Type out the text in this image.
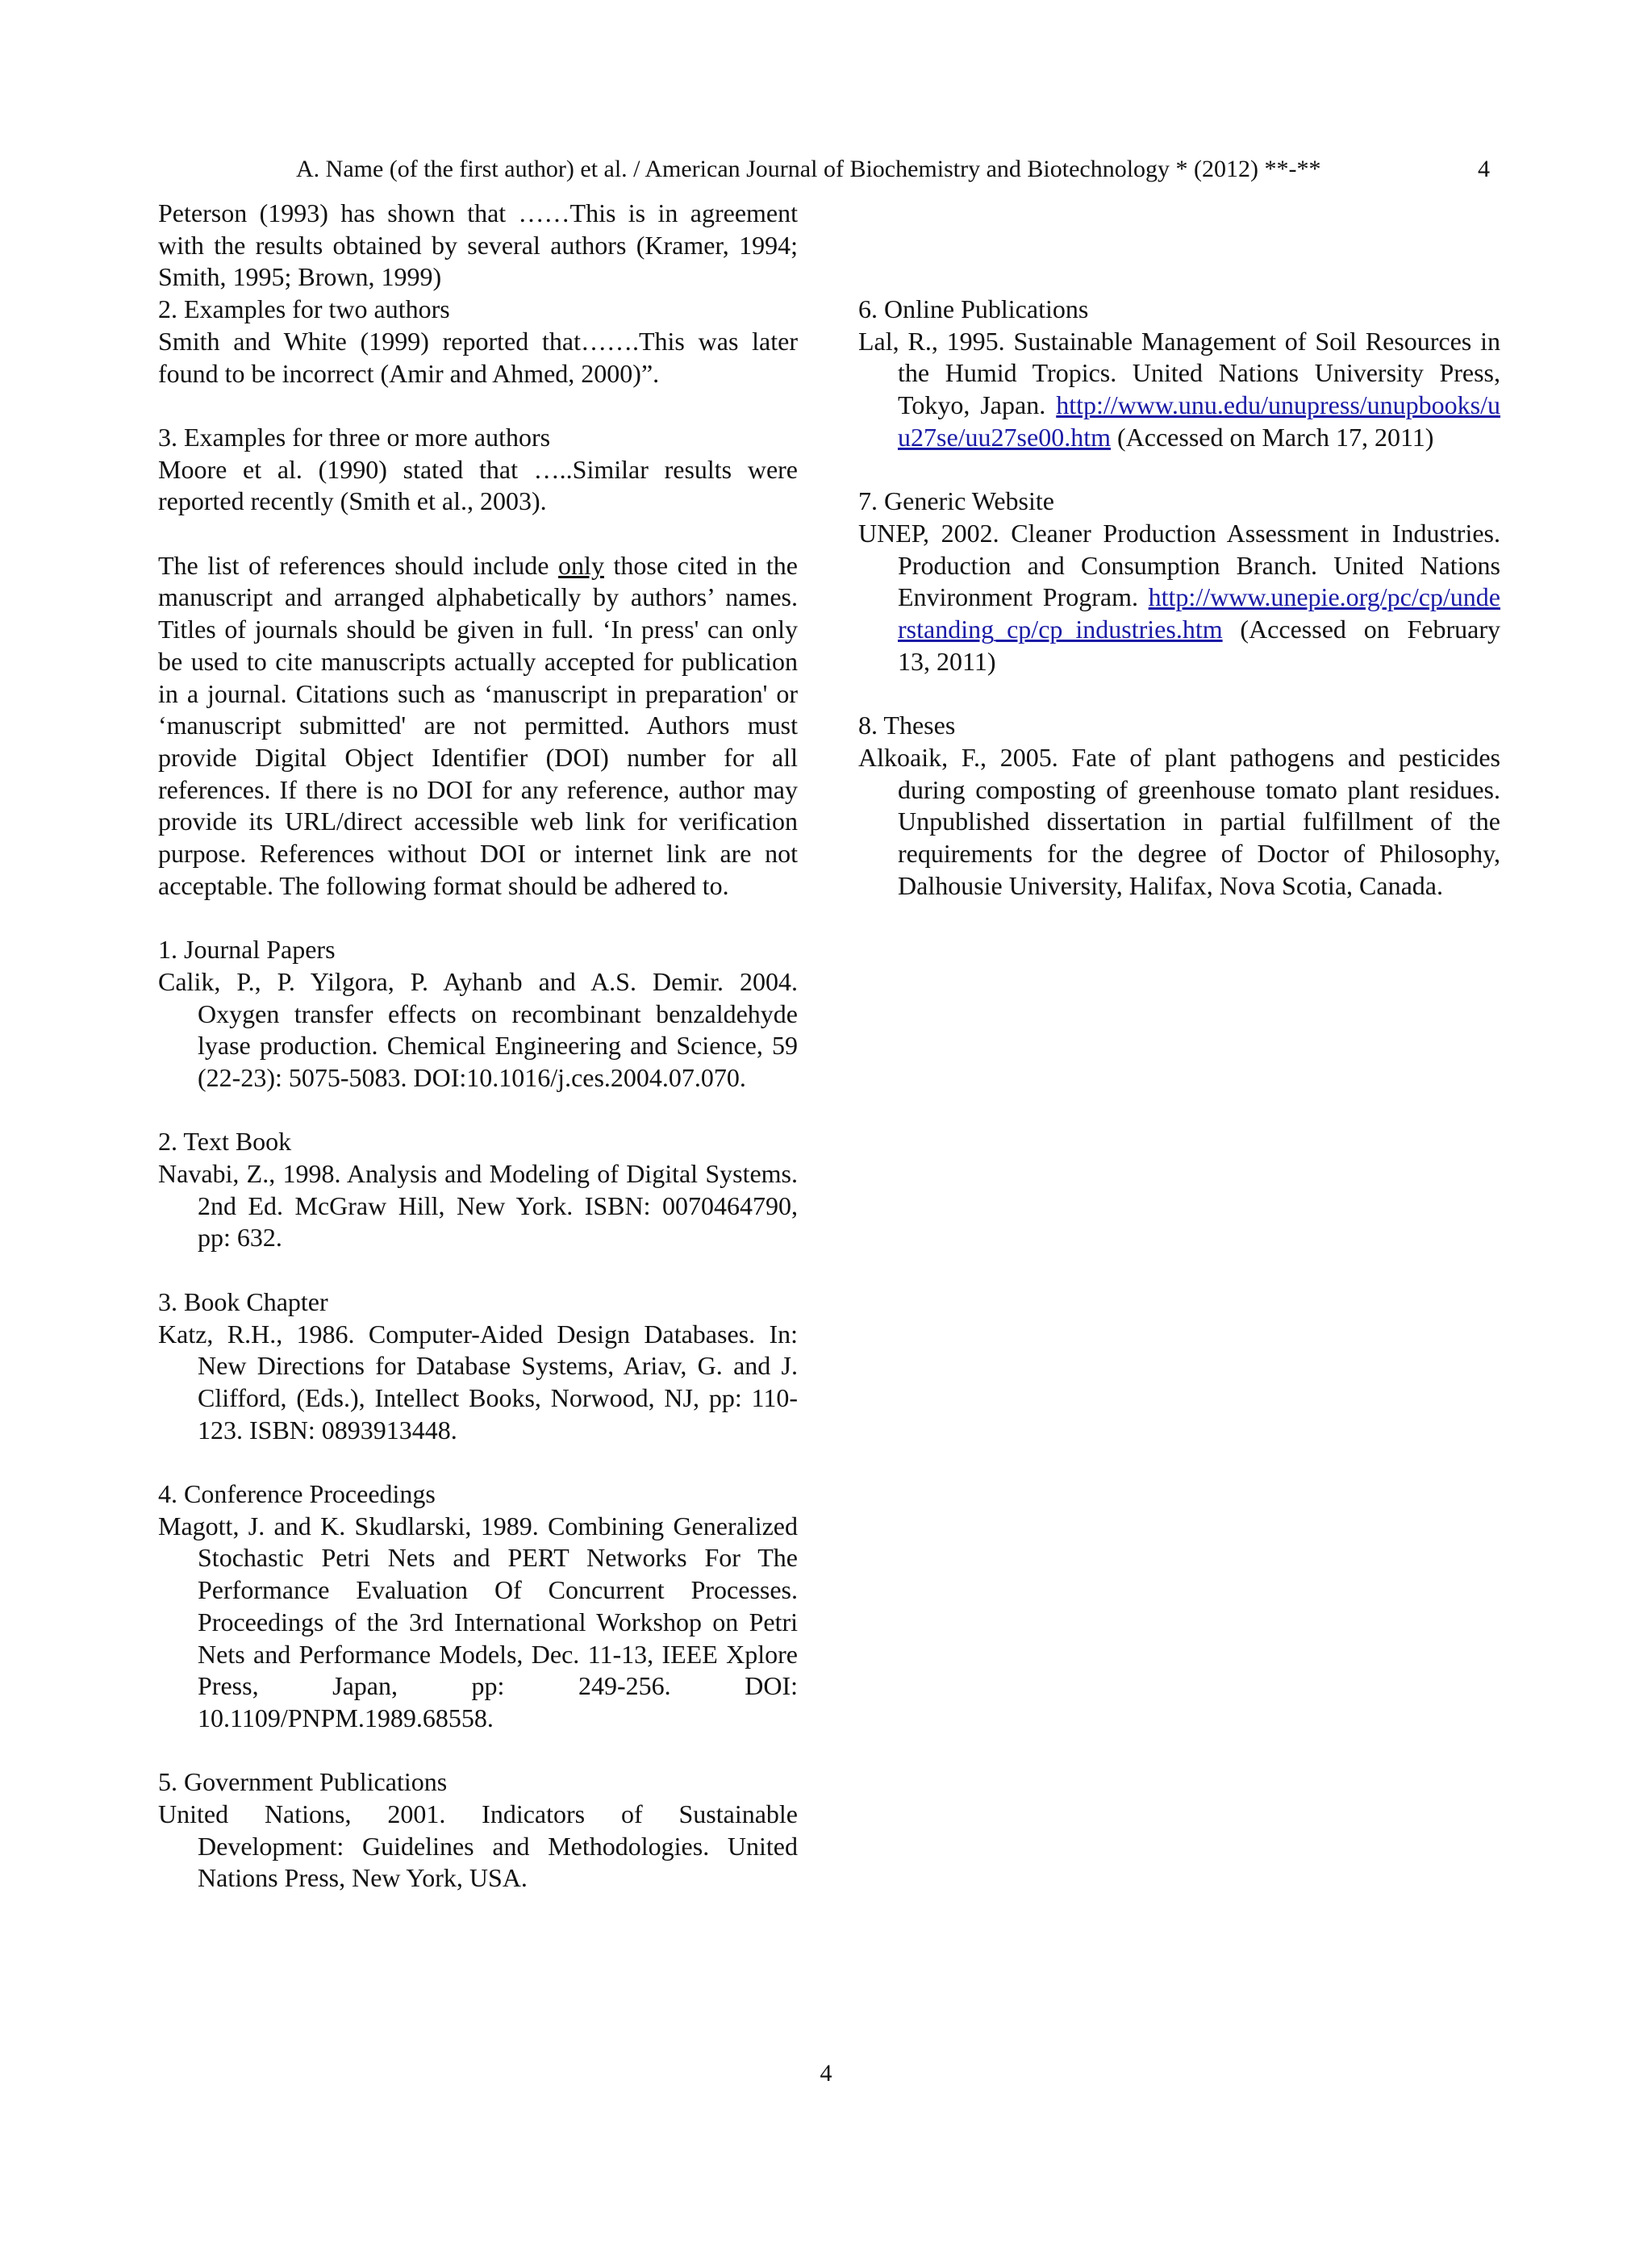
A. Name (of the first author) et al. / American Journal of Biochemistry and Biotechnology * (2012) **-**	4

Peterson (1993) has shown that ……This is in agreement with the results obtained by several authors (Kramer, 1994; Smith, 1995; Brown, 1999)

2. Examples for two authors

Smith and White (1999) reported that…….This was later found to be incorrect (Amir and Ahmed, 2000)”.

3. Examples for three or more authors

Moore et al. (1990) stated that …..Similar results were reported recently (Smith et al., 2003).

The list of references should include only those cited in the manuscript and arranged alphabetically by authors’ names. Titles of journals should be given in full. ‘In press' can only be used to cite manuscripts actually accepted for publication in a journal. Citations such as ‘manuscript in preparation' or ‘manuscript submitted' are not permitted. Authors must provide Digital Object Identifier (DOI) number for all references. If there is no DOI for any reference, author may provide its URL/direct accessible web link for verification purpose. References without DOI or internet link are not acceptable. The following format should be adhered to.

1. Journal Papers

Calik, P., P. Yilgora, P. Ayhanb and A.S. Demir. 2004. Oxygen transfer effects on recombinant benzaldehyde lyase production. Chemical Engineering and Science, 59 (22-23): 5075-5083. DOI:10.1016/j.ces.2004.07.070.

2. Text Book

Navabi, Z., 1998. Analysis and Modeling of Digital Systems. 2nd Ed. McGraw Hill, New York. ISBN: 0070464790, pp: 632.

3. Book Chapter

Katz, R.H., 1986. Computer-Aided Design Databases. In: New Directions for Database Systems, Ariav, G. and J. Clifford, (Eds.), Intellect Books, Norwood, NJ, pp: 110-123. ISBN: 0893913448.

4. Conference Proceedings

Magott, J. and K. Skudlarski, 1989. Combining Generalized Stochastic Petri Nets and PERT Networks For The Performance Evaluation Of Concurrent Processes. Proceedings of the 3rd International Workshop on Petri Nets and Performance Models, Dec. 11-13, IEEE Xplore Press, Japan, pp: 249-256. DOI: 10.1109/PNPM.1989.68558.

5. Government Publications

United Nations, 2001. Indicators of Sustainable Development: Guidelines and Methodologies. United Nations Press, New York, USA.

6. Online Publications

Lal, R., 1995. Sustainable Management of Soil Resources in the Humid Tropics. United Nations University Press, Tokyo, Japan. http://www.unu.edu/unupress/unupbooks/uu27se/uu27se00.htm (Accessed on March 17, 2011)

7. Generic Website

UNEP, 2002. Cleaner Production Assessment in Industries. Production and Consumption Branch. United Nations Environment Program. http://www.unepie.org/pc/cp/understanding_cp/cp_industries.htm (Accessed on February 13, 2011)

8. Theses

Alkoaik, F., 2005. Fate of plant pathogens and pesticides during composting of greenhouse tomato plant residues. Unpublished dissertation in partial fulfillment of the requirements for the degree of Doctor of Philosophy, Dalhousie University, Halifax, Nova Scotia, Canada.

4
